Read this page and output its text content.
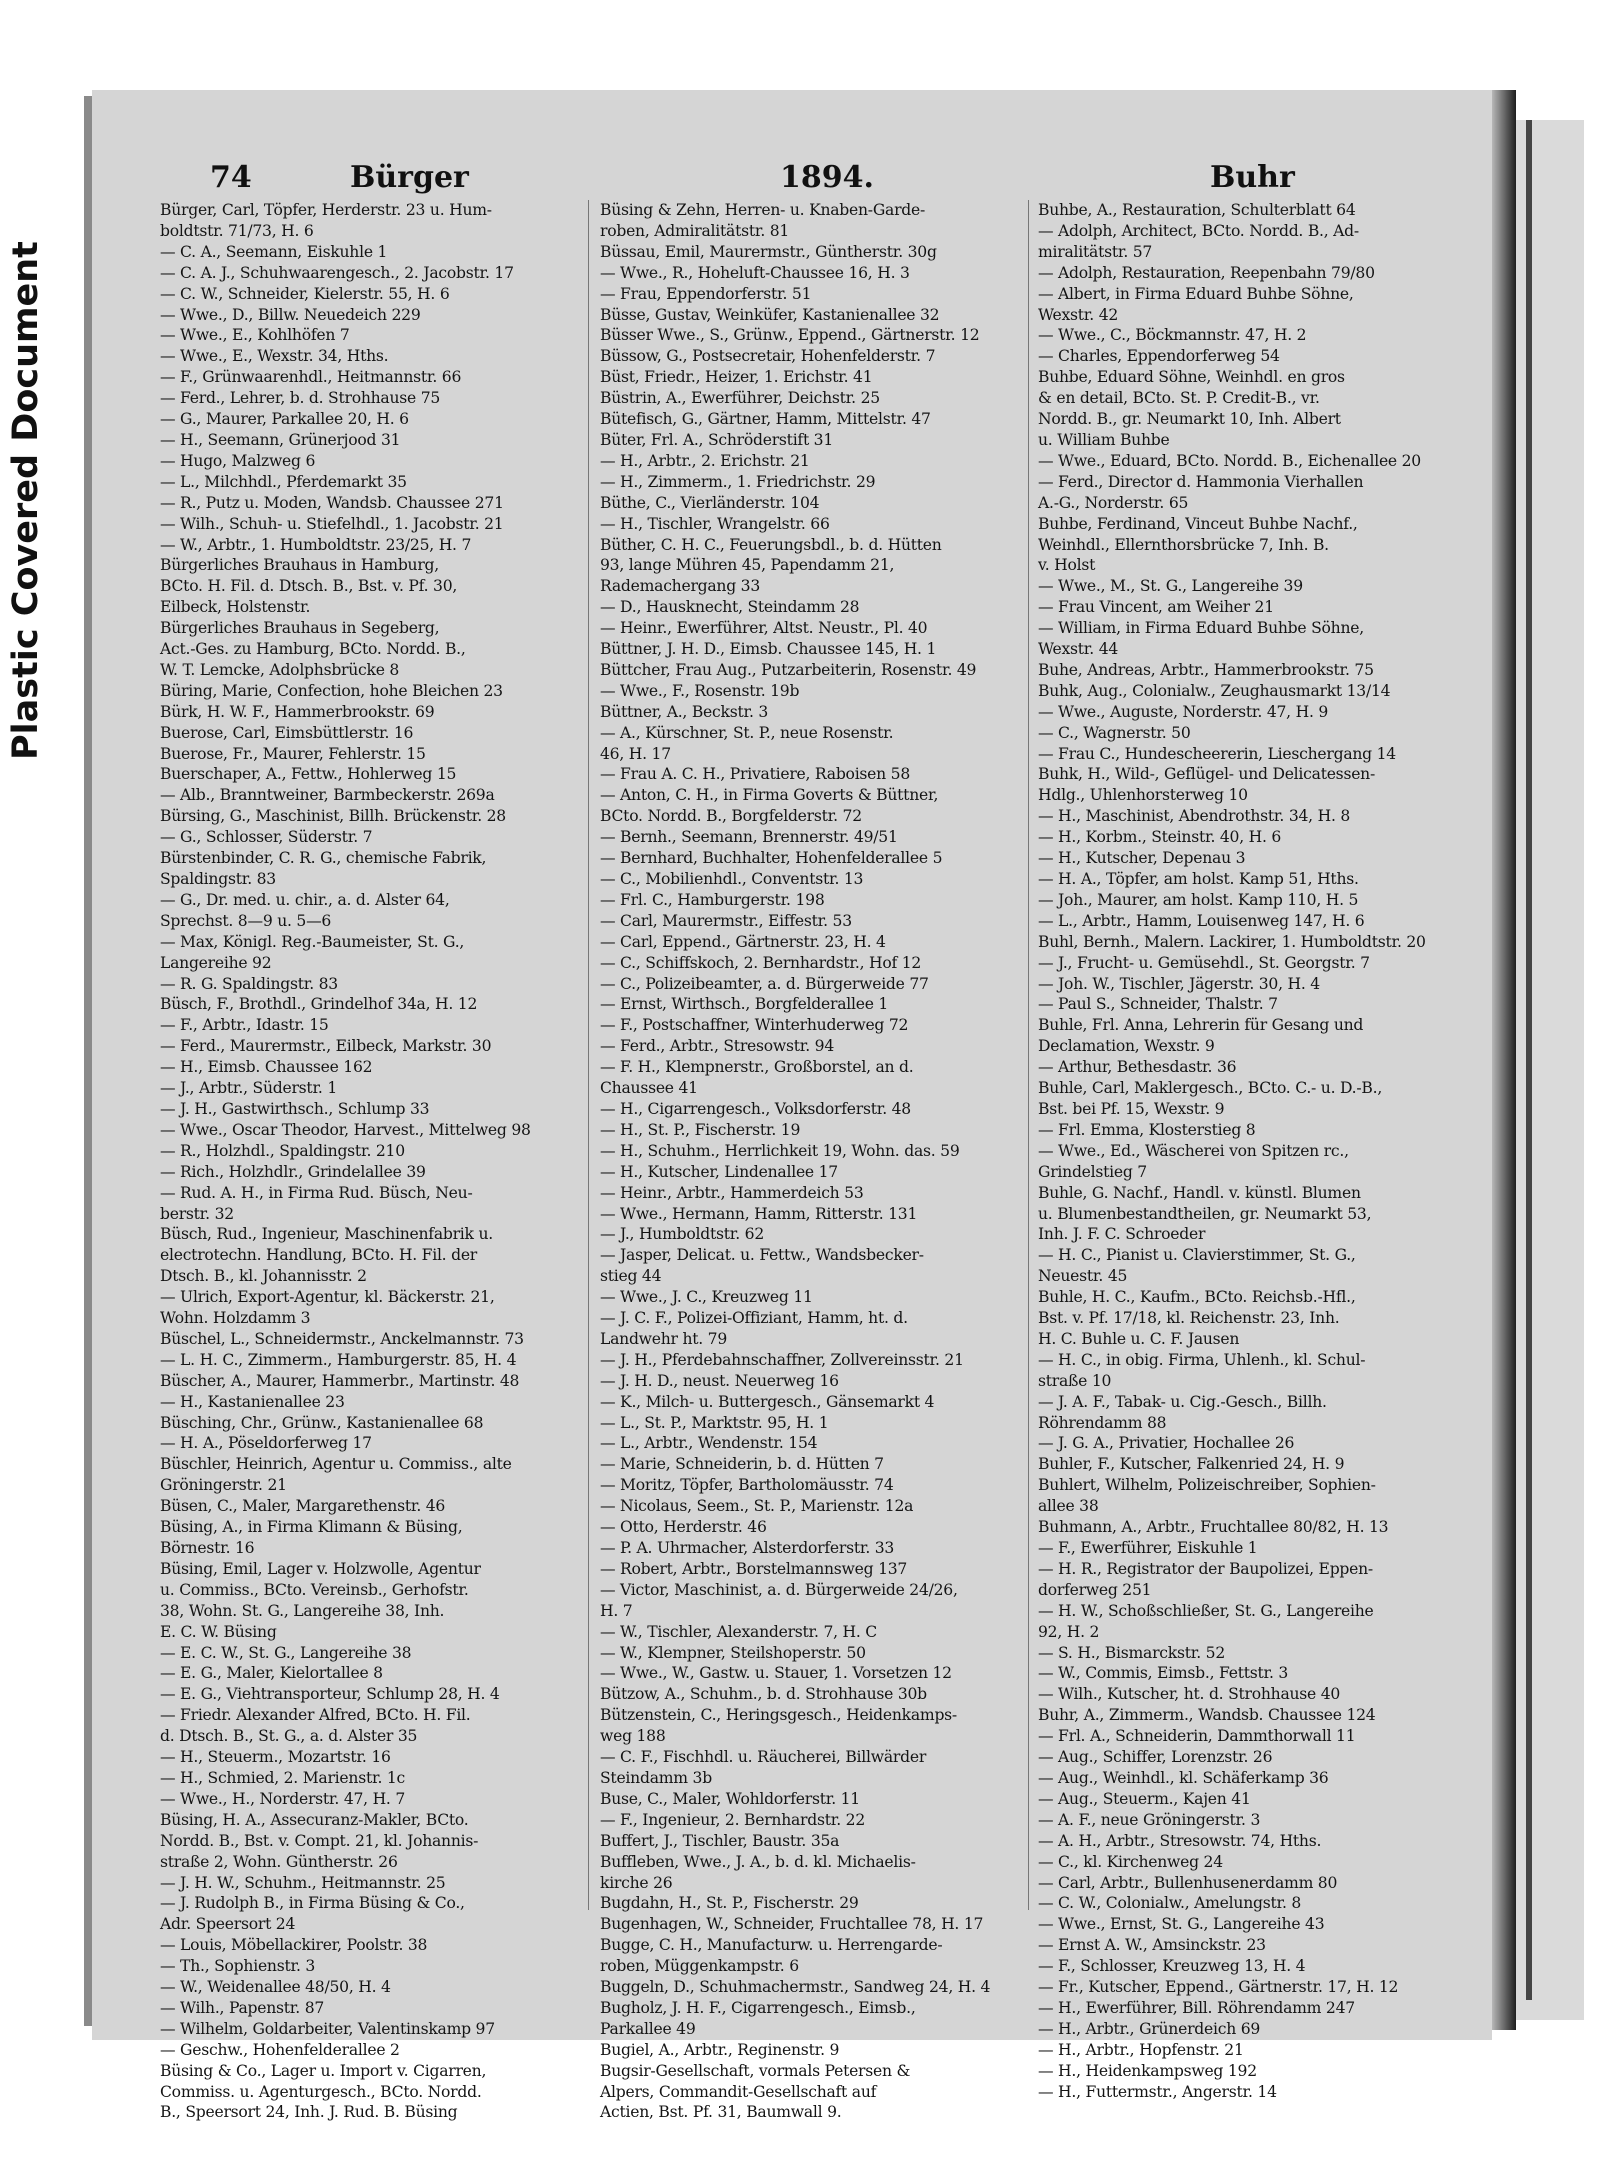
Plastic Covered Document
74	Bürger	1894.	Buhr
Bürger, Carl, Töpfer, Herderstr. 23 u. Hum-
boldtstr. 71/73, H. 6
— C. A., Seemann, Eiskuhle 1
— C. A. J., Schuhwaarengesch., 2. Jacobstr. 17
— C. W., Schneider, Kielerstr. 55, H. 6
— Wwe., D., Billw. Neuedeich 229
— Wwe., E., Kohlhöfen 7
— Wwe., E., Wexstr. 34, Hths.
— F., Grünwaarenhdl., Heitmannstr. 66
— Ferd., Lehrer, b. d. Strohhause 75
— G., Maurer, Parkallee 20, H. 6
— H., Seemann, Grünerjood 31
— Hugo, Malzweg 6
— L., Milchhdl., Pferdemarkt 35
— R., Putz u. Moden, Wandsb. Chaussee 271
— Wilh., Schuh- u. Stiefelhdl., 1. Jacobstr. 21
— W., Arbtr., 1. Humboldtstr. 23/25, H. 7
Bürgerliches Brauhaus in Hamburg,
BCto. H. Fil. d. Dtsch. B., Bst. v. Pf. 30,
Eilbeck, Holstenstr.
Bürgerliches Brauhaus in Segeberg,
Act.-Ges. zu Hamburg, BCto. Nordd. B.,
W. T. Lemcke, Adolphsbrücke 8
Büring, Marie, Confection, hohe Bleichen 23
Bürk, H. W. F., Hammerbrookstr. 69
Buerose, Carl, Eimsbüttlerstr. 16
Buerose, Fr., Maurer, Fehlerstr. 15
Buerschaper, A., Fettw., Hohlerweg 15
— Alb., Branntweiner, Barmbeckerstr. 269a
Bürsing, G., Maschinist, Billh. Brückenstr. 28
— G., Schlosser, Süderstr. 7
Bürstenbinder, C. R. G., chemische Fabrik,
Spaldingstr. 83
— G., Dr. med. u. chir., a. d. Alster 64,
Sprechst. 8—9 u. 5—6
— Max, Königl. Reg.-Baumeister, St. G.,
Langereihe 92
— R. G. Spaldingstr. 83
Büsch, F., Brothdl., Grindelhof 34a, H. 12
— F., Arbtr., Idastr. 15
— Ferd., Maurermstr., Eilbeck, Markstr. 30
— H., Eimsb. Chaussee 162
— J., Arbtr., Süderstr. 1
— J. H., Gastwirthsch., Schlump 33
— Wwe., Oscar Theodor, Harvest., Mittelweg 98
— R., Holzhdl., Spaldingstr. 210
— Rich., Holzhdlr., Grindelallee 39
— Rud. A. H., in Firma Rud. Büsch, Neu-
berstr. 32
Büsch, Rud., Ingenieur, Maschinenfabrik u.
electrotechn. Handlung, BCto. H. Fil. der
Dtsch. B., kl. Johannisstr. 2
— Ulrich, Export-Agentur, kl. Bäckerstr. 21,
Wohn. Holzdamm 3
Büschel, L., Schneidermstr., Anckelmannstr. 73
— L. H. C., Zimmerm., Hamburgerstr. 85, H. 4
Büscher, A., Maurer, Hammerbr., Martinstr. 48
— H., Kastanienallee 23
Büsching, Chr., Grünw., Kastanienallee 68
— H. A., Pöseldorferweg 17
Büschler, Heinrich, Agentur u. Commiss., alte
Gröningerstr. 21
Büsen, C., Maler, Margarethenstr. 46
Büsing, A., in Firma Klimann & Büsing,
Börnestr. 16
Büsing, Emil, Lager v. Holzwolle, Agentur
u. Commiss., BCto. Vereinsb., Gerhofstr.
38, Wohn. St. G., Langereihe 38, Inh.
E. C. W. Büsing
— E. C. W., St. G., Langereihe 38
— E. G., Maler, Kielortallee 8
— E. G., Viehtransporteur, Schlump 28, H. 4
— Friedr. Alexander Alfred, BCto. H. Fil.
d. Dtsch. B., St. G., a. d. Alster 35
— H., Steuerm., Mozartstr. 16
— H., Schmied, 2. Marienstr. 1c
— Wwe., H., Norderstr. 47, H. 7
Büsing, H. A., Assecuranz-Makler, BCto.
Nordd. B., Bst. v. Compt. 21, kl. Johannis-
straße 2, Wohn. Güntherstr. 26
— J. H. W., Schuhm., Heitmannstr. 25
— J. Rudolph B., in Firma Büsing & Co.,
Adr. Speersort 24
— Louis, Möbellackirer, Poolstr. 38
— Th., Sophienstr. 3
— W., Weidenallee 48/50, H. 4
— Wilh., Papenstr. 87
— Wilhelm, Goldarbeiter, Valentinskamp 97
— Geschw., Hohenfelderallee 2
Büsing & Co., Lager u. Import v. Cigarren,
Commiss. u. Agenturgesch., BCto. Nordd.
B., Speersort 24, Inh. J. Rud. B. Büsing
Büsing & Zehn, Herren- u. Knaben-Garde-
roben, Admiralitätstr. 81
Büssau, Emil, Maurermstr., Güntherstr. 30g
— Wwe., R., Hoheluft-Chaussee 16, H. 3
— Frau, Eppendorferstr. 51
Büsse, Gustav, Weinküfer, Kastanienallee 32
Büsser Wwe., S., Grünw., Eppend., Gärtnerstr. 12
Büssow, G., Postsecretair, Hohenfelderstr. 7
Büst, Friedr., Heizer, 1. Erichstr. 41
Büstrin, A., Ewerführer, Deichstr. 25
Bütefisch, G., Gärtner, Hamm, Mittelstr. 47
Büter, Frl. A., Schröderstift 31
— H., Arbtr., 2. Erichstr. 21
— H., Zimmerm., 1. Friedrichstr. 29
Büthe, C., Vierländerstr. 104
— H., Tischler, Wrangelstr. 66
Büther, C. H. C., Feuerungsbdl., b. d. Hütten
93, lange Mühren 45, Papendamm 21,
Rademachergang 33
— D., Hausknecht, Steindamm 28
— Heinr., Ewerführer, Altst. Neustr., Pl. 40
Büttner, J. H. D., Eimsb. Chaussee 145, H. 1
Büttcher, Frau Aug., Putzarbeiterin, Rosenstr. 49
— Wwe., F., Rosenstr. 19b
Büttner, A., Beckstr. 3
— A., Kürschner, St. P., neue Rosenstr.
46, H. 17
— Frau A. C. H., Privatiere, Raboisen 58
— Anton, C. H., in Firma Goverts & Büttner,
BCto. Nordd. B., Borgfelderstr. 72
— Bernh., Seemann, Brennerstr. 49/51
— Bernhard, Buchhalter, Hohenfelderallee 5
— C., Mobilienhdl., Conventstr. 13
— Frl. C., Hamburgerstr. 198
— Carl, Maurermstr., Eiffestr. 53
— Carl, Eppend., Gärtnerstr. 23, H. 4
— C., Schiffskoch, 2. Bernhardstr., Hof 12
— C., Polizeibeamter, a. d. Bürgerweide 77
— Ernst, Wirthsch., Borgfelderallee 1
— F., Postschaffner, Winterhuderweg 72
— Ferd., Arbtr., Stresowstr. 94
— F. H., Klempnerstr., Großborstel, an d.
Chaussee 41
— H., Cigarrengesch., Volksdorferstr. 48
— H., St. P., Fischerstr. 19
— H., Schuhm., Herrlichkeit 19, Wohn. das. 59
— H., Kutscher, Lindenallee 17
— Heinr., Arbtr., Hammerdeich 53
— Wwe., Hermann, Hamm, Ritterstr. 131
— J., Humboldtstr. 62
— Jasper, Delicat. u. Fettw., Wandsbecker-
stieg 44
— Wwe., J. C., Kreuzweg 11
— J. C. F., Polizei-Offiziant, Hamm, ht. d.
Landwehr ht. 79
— J. H., Pferdebahnschaffner, Zollvereinsstr. 21
— J. H. D., neust. Neuerweg 16
— K., Milch- u. Buttergesch., Gänsemarkt 4
— L., St. P., Marktstr. 95, H. 1
— L., Arbtr., Wendenstr. 154
— Marie, Schneiderin, b. d. Hütten 7
— Moritz, Töpfer, Bartholomäusstr. 74
— Nicolaus, Seem., St. P., Marienstr. 12a
— Otto, Herderstr. 46
— P. A. Uhrmacher, Alsterdorferstr. 33
— Robert, Arbtr., Borstelmannsweg 137
— Victor, Maschinist, a. d. Bürgerweide 24/26,
H. 7
— W., Tischler, Alexanderstr. 7, H. C
— W., Klempner, Steilshoperstr. 50
— Wwe., W., Gastw. u. Stauer, 1. Vorsetzen 12
Bützow, A., Schuhm., b. d. Strohhause 30b
Bützenstein, C., Heringsgesch., Heidenkamps-
weg 188
— C. F., Fischhdl. u. Räucherei, Billwärder
Steindamm 3b
Buse, C., Maler, Wohldorferstr. 11
— F., Ingenieur, 2. Bernhardstr. 22
Buffert, J., Tischler, Baustr. 35a
Buffleben, Wwe., J. A., b. d. kl. Michaelis-
kirche 26
Bugdahn, H., St. P., Fischerstr. 29
Bugenhagen, W., Schneider, Fruchtallee 78, H. 17
Bugge, C. H., Manufacturw. u. Herrengarde-
roben, Müggenkampstr. 6
Buggeln, D., Schuhmachermstr., Sandweg 24, H. 4
Bugholz, J. H. F., Cigarrengesch., Eimsb.,
Parkallee 49
Bugiel, A., Arbtr., Reginenstr. 9
Bugsir-Gesellschaft, vormals Petersen &
Alpers, Commandit-Gesellschaft auf
Actien, Bst. Pf. 31, Baumwall 9.
Buhbe, A., Restauration, Schulterblatt 64
— Adolph, Architect, BCto. Nordd. B., Ad-
miralitätstr. 57
— Adolph, Restauration, Reepenbahn 79/80
— Albert, in Firma Eduard Buhbe Söhne,
Wexstr. 42
— Wwe., C., Böckmannstr. 47, H. 2
— Charles, Eppendorferweg 54
Buhbe, Eduard Söhne, Weinhdl. en gros
& en detail, BCto. St. P. Credit-B., vr.
Nordd. B., gr. Neumarkt 10, Inh. Albert
u. William Buhbe
— Wwe., Eduard, BCto. Nordd. B., Eichenallee 20
— Ferd., Director d. Hammonia Vierhallen
A.-G., Norderstr. 65
Buhbe, Ferdinand, Vinceut Buhbe Nachf.,
Weinhdl., Ellernthorsbrücke 7, Inh. B.
v. Holst
— Wwe., M., St. G., Langereihe 39
— Frau Vincent, am Weiher 21
— William, in Firma Eduard Buhbe Söhne,
Wexstr. 44
Buhe, Andreas, Arbtr., Hammerbrookstr. 75
Buhk, Aug., Colonialw., Zeughausmarkt 13/14
— Wwe., Auguste, Norderstr. 47, H. 9
— C., Wagnerstr. 50
— Frau C., Hundescheererin, Lieschergang 14
Buhk, H., Wild-, Geflügel- und Delicatessen-
Hdlg., Uhlenhorsterweg 10
— H., Maschinist, Abendrothstr. 34, H. 8
— H., Korbm., Steinstr. 40, H. 6
— H., Kutscher, Depenau 3
— H. A., Töpfer, am holst. Kamp 51, Hths.
— Joh., Maurer, am holst. Kamp 110, H. 5
— L., Arbtr., Hamm, Louisenweg 147, H. 6
Buhl, Bernh., Malern. Lackirer, 1. Humboldtstr. 20
— J., Frucht- u. Gemüsehdl., St. Georgstr. 7
— Joh. W., Tischler, Jägerstr. 30, H. 4
— Paul S., Schneider, Thalstr. 7
Buhle, Frl. Anna, Lehrerin für Gesang und
Declamation, Wexstr. 9
— Arthur, Bethesdastr. 36
Buhle, Carl, Maklergesch., BCto. C.- u. D.-B.,
Bst. bei Pf. 15, Wexstr. 9
— Frl. Emma, Klosterstieg 8
— Wwe., Ed., Wäscherei von Spitzen rc.,
Grindelstieg 7
Buhle, G. Nachf., Handl. v. künstl. Blumen
u. Blumenbestandtheilen, gr. Neumarkt 53,
Inh. J. F. C. Schroeder
— H. C., Pianist u. Clavierstimmer, St. G.,
Neuestr. 45
Buhle, H. C., Kaufm., BCto. Reichsb.-Hfl.,
Bst. v. Pf. 17/18, kl. Reichenstr. 23, Inh.
H. C. Buhle u. C. F. Jausen
— H. C., in obig. Firma, Uhlenh., kl. Schul-
straße 10
— J. A. F., Tabak- u. Cig.-Gesch., Billh.
Röhrendamm 88
— J. G. A., Privatier, Hochallee 26
Buhler, F., Kutscher, Falkenried 24, H. 9
Buhlert, Wilhelm, Polizeischreiber, Sophien-
allee 38
Buhmann, A., Arbtr., Fruchtallee 80/82, H. 13
— F., Ewerführer, Eiskuhle 1
— H. R., Registrator der Baupolizei, Eppen-
dorferweg 251
— H. W., Schoßschließer, St. G., Langereihe
92, H. 2
— S. H., Bismarckstr. 52
— W., Commis, Eimsb., Fettstr. 3
— Wilh., Kutscher, ht. d. Strohhause 40
Buhr, A., Zimmerm., Wandsb. Chaussee 124
— Frl. A., Schneiderin, Dammthorwall 11
— Aug., Schiffer, Lorenzstr. 26
— Aug., Weinhdl., kl. Schäferkamp 36
— Aug., Steuerm., Kajen 41
— A. F., neue Gröningerstr. 3
— A. H., Arbtr., Stresowstr. 74, Hths.
— C., kl. Kirchenweg 24
— Carl, Arbtr., Bullenhusenerdamm 80
— C. W., Colonialw., Amelungstr. 8
— Wwe., Ernst, St. G., Langereihe 43
— Ernst A. W., Amsinckstr. 23
— F., Schlosser, Kreuzweg 13, H. 4
— Fr., Kutscher, Eppend., Gärtnerstr. 17, H. 12
— H., Ewerführer, Bill. Röhrendamm 247
— H., Arbtr., Grünerdeich 69
— H., Arbtr., Hopfenstr. 21
— H., Heidenkampsweg 192
— H., Futtermstr., Angerstr. 14
